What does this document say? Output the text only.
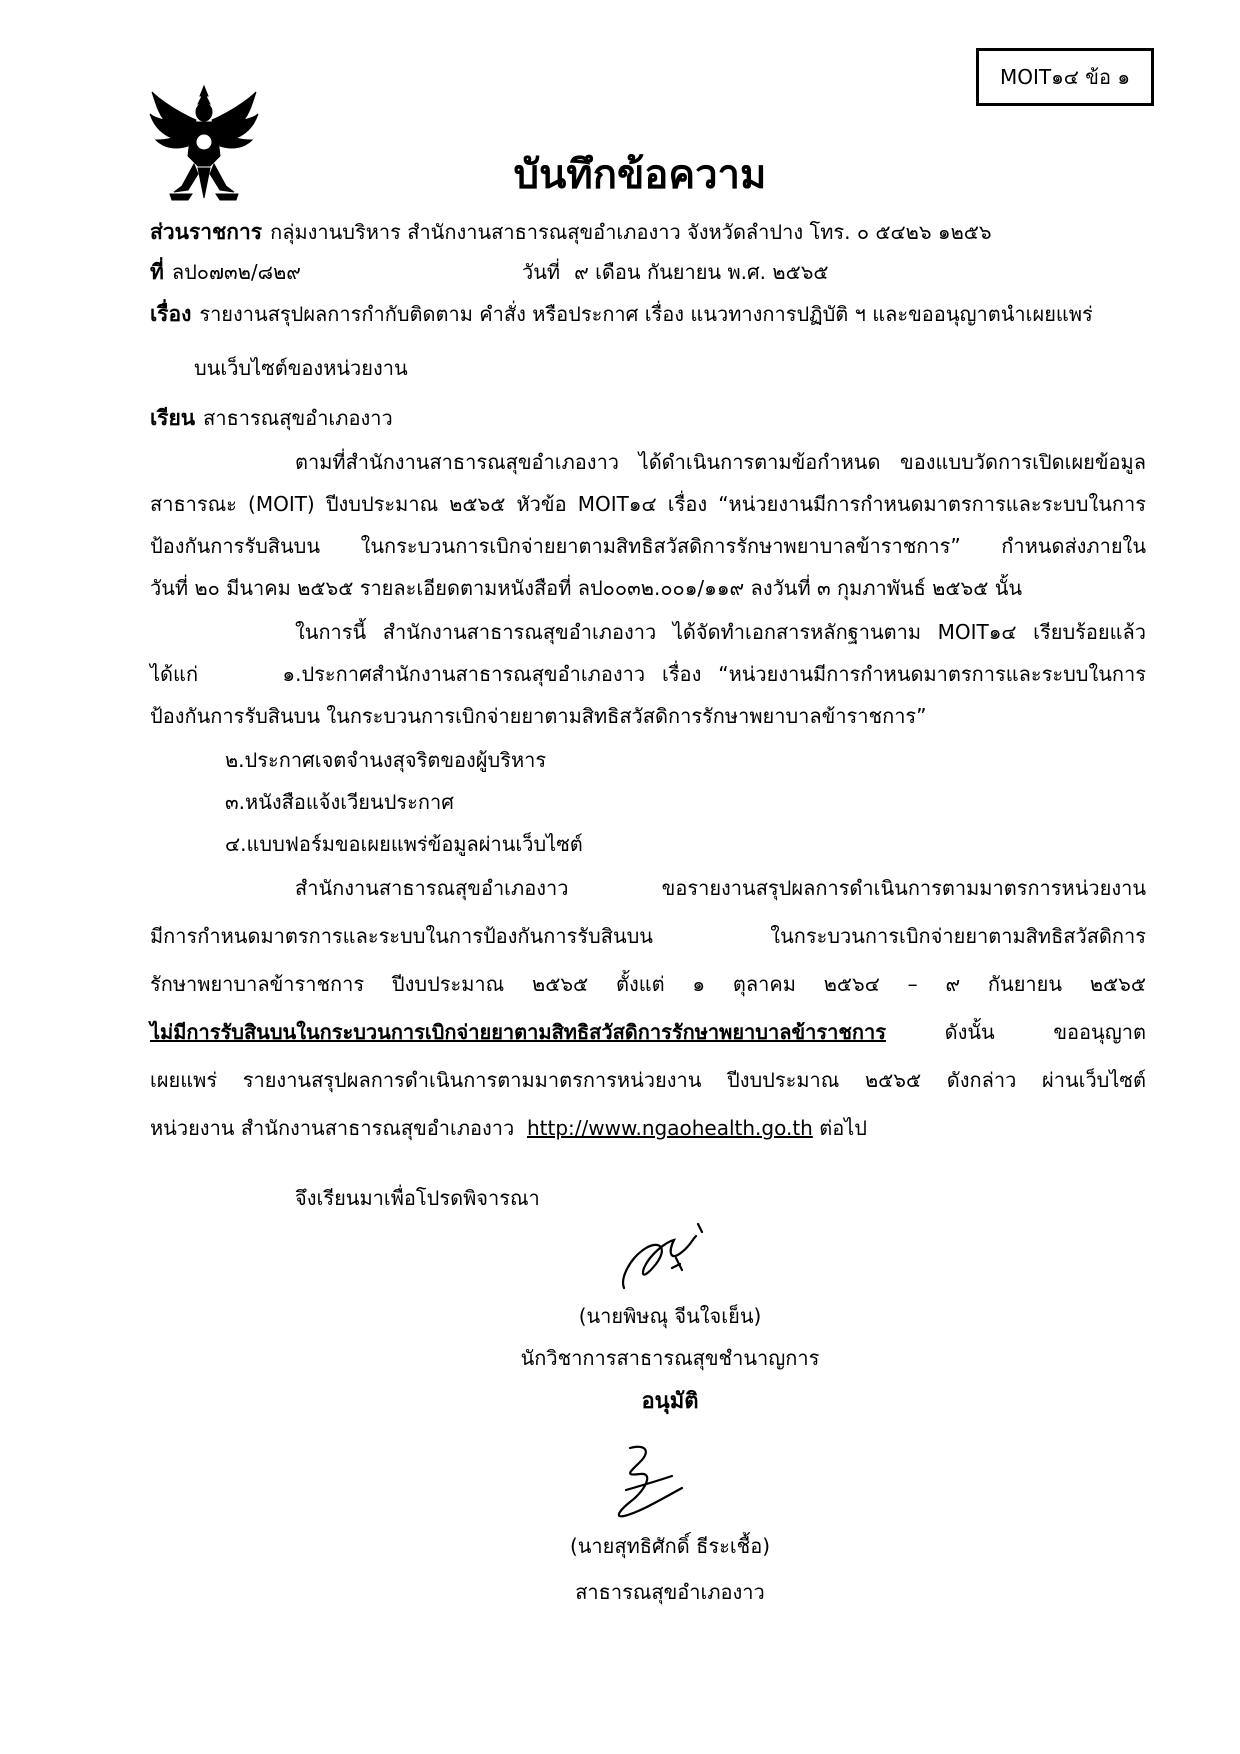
MOIT๑๔ ข้อ ๑
บันทึกข้อความ
ส่วนราชการ กลุ่มงานบริหาร สำนักงานสาธารณสุขอำเภองาว จังหวัดลำปาง โทร. ๐ ๕๔๒๖ ๑๒๕๖
ที่ ลป๐๗๓๒/๘๒๙	วันที่ ๙ เดือน กันยายน พ.ศ. ๒๕๖๕
เรื่อง รายงานสรุปผลการกำกับติดตาม คำสั่ง หรือประกาศ เรื่อง แนวทางการปฏิบัติ ฯ และขออนุญาตนำเผยแพร่
บนเว็บไซต์ของหน่วยงาน
เรียน สาธารณสุขอำเภองาว
ตามที่สำนักงานสาธารณสุขอำเภองาว ได้ดำเนินการตามข้อกำหนด ของแบบวัดการเปิดเผยข้อมูล
สาธารณะ (MOIT) ปีงบประมาณ ๒๕๖๕ หัวข้อ MOIT๑๔ เรื่อง “หน่วยงานมีการกำหนดมาตรการและระบบในการ
ป้องกันการรับสินบน ในกระบวนการเบิกจ่ายยาตามสิทธิสวัสดิการรักษาพยาบาลข้าราชการ” กำหนดส่งภายใน
วันที่ ๒๐ มีนาคม ๒๕๖๕ รายละเอียดตามหนังสือที่ ลป๐๐๓๒.๐๐๑/๑๑๙ ลงวันที่ ๓ กุมภาพันธ์ ๒๕๖๕ นั้น
ในการนี้ สำนักงานสาธารณสุขอำเภองาว ได้จัดทำเอกสารหลักฐานตาม MOIT๑๔ เรียบร้อยแล้ว
ได้แก่     ๑.ประกาศสำนักงานสาธารณสุขอำเภองาว เรื่อง “หน่วยงานมีการกำหนดมาตรการและระบบในการ
ป้องกันการรับสินบน ในกระบวนการเบิกจ่ายยาตามสิทธิสวัสดิการรักษาพยาบาลข้าราชการ”
๒.ประกาศเจตจำนงสุจริตของผู้บริหาร
๓.หนังสือแจ้งเวียนประกาศ
๔.แบบฟอร์มขอเผยแพร่ข้อมูลผ่านเว็บไซต์
สำนักงานสาธารณสุขอำเภองาว ขอรายงานสรุปผลการดำเนินการตามมาตรการหน่วยงาน
มีการกำหนดมาตรการและระบบในการป้องกันการรับสินบน ในกระบวนการเบิกจ่ายยาตามสิทธิสวัสดิการ
รักษาพยาบาลข้าราชการ ปีงบประมาณ ๒๕๖๕ ตั้งแต่ ๑ ตุลาคม ๒๕๖๔ – ๙ กันยายน ๒๕๖๕
ไม่มีการรับสินบนในกระบวนการเบิกจ่ายยาตามสิทธิสวัสดิการรักษาพยาบาลข้าราชการ ดังนั้น ขออนุญาต
เผยแพร่ รายงานสรุปผลการดำเนินการตามมาตรการหน่วยงาน ปีงบประมาณ ๒๕๖๕ ดังกล่าว ผ่านเว็บไซต์
หน่วยงาน สำนักงานสาธารณสุขอำเภองาว  http://www.ngaohealth.go.th ต่อไป
จึงเรียนมาเพื่อโปรดพิจารณา
(นายพิษณุ จีนใจเย็น)
นักวิชาการสาธารณสุขชำนาญการ
อนุมัติ
(นายสุทธิศักดิ์ ธีระเชื้อ)
สาธารณสุขอำเภองาว
